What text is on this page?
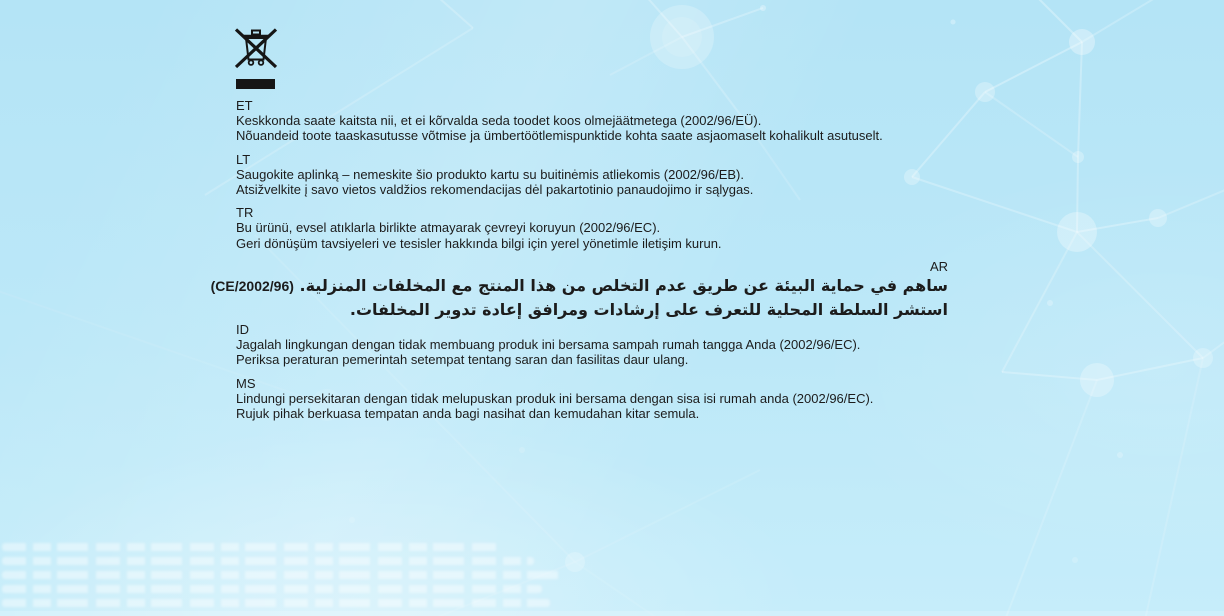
ET
Keskkonda saate kaitsta nii, et ei kõrvalda seda toodet koos olmejäätmetega (2002/96/EÜ).
Nõuandeid toote taaskasutusse võtmise ja ümbertöötlemispunktide kohta saate asjaomaselt kohalikult asutuselt.
LT
Saugokite aplinką – nemeskite šio produkto kartu su buitinėmis atliekomis (2002/96/EB).
Atsižvelkite į savo vietos valdžios rekomendacijas dėl pakartotinio panaudojimo ir sąlygas.
TR
Bu ürünü, evsel atıklarla birlikte atmayarak çevreyi koruyun (2002/96/EC).
Geri dönüşüm tavsiyeleri ve tesisler hakkında bilgi için yerel yönetimle iletişim kurun.
AR
ساهم في حماية البيئة عن طريق عدم التخلص من هذا المنتج مع المخلفات المنزلية. (CE/2002/96)
استشر السلطة المحلية للتعرف على إرشادات ومرافق إعادة تدوير المخلفات.
ID
Jagalah lingkungan dengan tidak membuang produk ini bersama sampah rumah tangga Anda (2002/96/EC).
Periksa peraturan pemerintah setempat tentang saran dan fasilitas daur ulang.
MS
Lindungi persekitaran dengan tidak melupuskan produk ini bersama dengan sisa isi rumah anda (2002/96/EC).
Rujuk pihak berkuasa tempatan anda bagi nasihat dan kemudahan kitar semula.
